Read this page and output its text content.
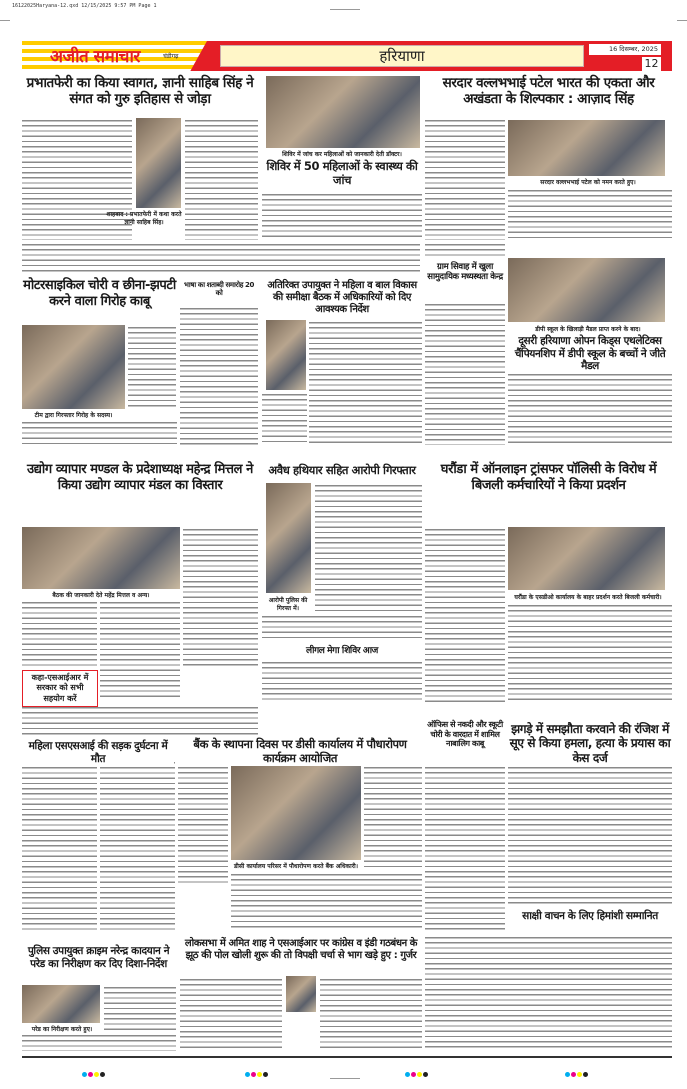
16122025Haryana-12.qxd 12/15/2025 9:57 PM Page 1
अजीत समाचार	चंडीगढ़	हरियाणा	16 दिसम्बर, 2025
12
प्रभातफेरी का किया स्वागत, ज्ञानी साहिब सिंह ने संगत को गुरु इतिहास से जोड़ा
शाहबाद : प्रभातफेरी में कथा करते ज्ञानी साहिब सिंह।
शिविर में जांच कर महिलाओं को जानकारी देती डॉक्टर।
शिविर में 50 महिलाओं के स्वास्थ्य की जांच
सरदार वल्लभभाई पटेल भारत की एकता और अखंडता के शिल्पकार : आज़ाद सिंह
सरदार वल्लभभाई पटेल को नमन करते हुए।
मोटरसाइकिल चोरी व छीना-झपटी करने वाला गिरोह काबू
टीम द्वारा गिरफ्तार गिरोह के सदस्य।
भाषा का शताब्दी समारोह 20 को
अतिरिक्त उपायुक्त ने महिला व बाल विकास की समीक्षा बैठक में अधिकारियों को दिए आवश्यक निर्देश
ग्राम सिवाह में खुला सामुदायिक मध्यस्थता केन्द्र
डीपी स्कूल के खिलाड़ी मैडल प्राप्त करने के बाद।
दूसरी हरियाणा ओपन किड्स एथलेटिक्स चैंपियनशिप में डीपी स्कूल के बच्चों ने जीते मैडल
उद्योग व्यापार मण्डल के प्रदेशाध्यक्ष महेन्द्र मित्तल ने किया उद्योग व्यापार मंडल का विस्तार
बैठक की जानकारी देते महेंद्र मित्तल व अन्य।
कहा-एसआईआर में सरकार को सभी सहयोग करें
अवैध हथियार सहित आरोपी गिरफ्तार
आरोपी पुलिस की गिरफ्त में।
लीगल मेगा शिविर आज
घरौंडा में ऑनलाइन ट्रांसफर पॉलिसी के विरोध में बिजली कर्मचारियों ने किया प्रदर्शन
घरौंडा के एसडीओ कार्यालय के बाहर प्रदर्शन करते बिजली कर्मचारी।
महिला एसएसआई की सड़क दुर्घटना में मौत
बैंक के स्थापना दिवस पर डीसी कार्यालय में पौधारोपण कार्यक्रम आयोजित
डीसी कार्यालय परिसर में पौधारोपण करते बैंक अधिकारी।
ऑफिस से नकदी और स्कूटी चोरी के वारदात में शामिल नाबालिग काबू
झगड़े में समझौता करवाने की रंजिश में सूए से किया हमला, हत्या के प्रयास का केस दर्ज
साक्षी वाचन के लिए हिमांशी सम्मानित
पुलिस उपायुक्त क्राइम नरेन्द्र कादयान ने परेड का निरीक्षण कर दिए दिशा-निर्देश
परेड का निरीक्षण करते हुए।
लोकसभा में अमित शाह ने एसआईआर पर कांग्रेस व इंडी गठबंधन के झूठ की पोल खोली शुरू की तो विपक्षी चर्चा से भाग खड़े हुए : गुर्जर
